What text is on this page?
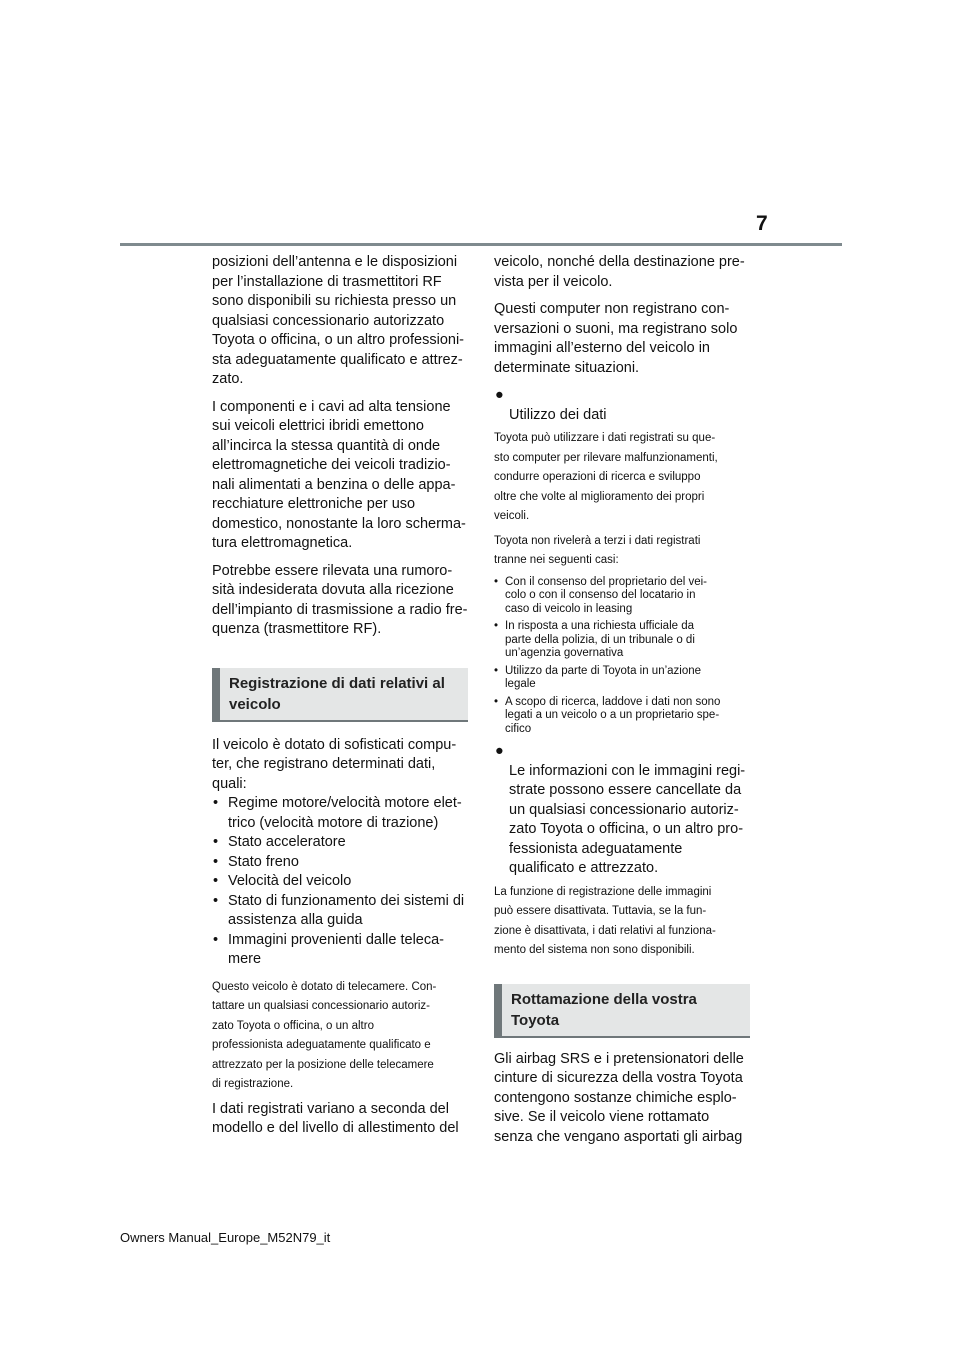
7

posizioni dell’antenna e le disposizioni
per l’installazione di trasmettitori RF
sono disponibili su richiesta presso un
qualsiasi concessionario autorizzato
Toyota o officina, o un altro professioni-
sta adeguatamente qualificato e attrez-
zato.

I componenti e i cavi ad alta tensione
sui veicoli elettrici ibridi emettono
all’incirca la stessa quantità di onde
elettromagnetiche dei veicoli tradizio-
nali alimentati a benzina o delle appa-
recchiature elettroniche per uso
domestico, nonostante la loro scherma-
tura elettromagnetica.

Potrebbe essere rilevata una rumoro-
sità indesiderata dovuta alla ricezione
dell’impianto di trasmissione a radio fre-
quenza (trasmettitore RF).

Registrazione di dati relativi al
veicolo

Il veicolo è dotato di sofisticati compu-
ter, che registrano determinati dati,
quali:

• Regime motore/velocità motore elet-
trico (velocità motore di trazione)
• Stato acceleratore
• Stato freno
• Velocità del veicolo
• Stato di funzionamento dei sistemi di
assistenza alla guida
• Immagini provenienti dalle teleca-
mere

Questo veicolo è dotato di telecamere. Con-
tattare un qualsiasi concessionario autoriz-
zato Toyota o officina, o un altro
professionista adeguatamente qualificato e
attrezzato per la posizione delle telecamere
di registrazione.

I dati registrati variano a seconda del
modello e del livello di allestimento del

veicolo, nonché della destinazione pre-
vista per il veicolo.

Questi computer non registrano con-
versazioni o suoni, ma registrano solo
immagini all’esterno del veicolo in
determinate situazioni.

●
Utilizzo dei dati

Toyota può utilizzare i dati registrati su que-
sto computer per rilevare malfunzionamenti,
condurre operazioni di ricerca e sviluppo
oltre che volte al miglioramento dei propri
veicoli.

Toyota non rivelerà a terzi i dati registrati
tranne nei seguenti casi:

• Con il consenso del proprietario del vei-
colo o con il consenso del locatario in
caso di veicolo in leasing
• In risposta a una richiesta ufficiale da
parte della polizia, di un tribunale o di
un’agenzia governativa
• Utilizzo da parte di Toyota in un’azione
legale
• A scopo di ricerca, laddove i dati non sono
legati a un veicolo o a un proprietario spe-
cifico

●
Le informazioni con le immagini regi-
strate possono essere cancellate da
un qualsiasi concessionario autoriz-
zato Toyota o officina, o un altro pro-
fessionista adeguatamente
qualificato e attrezzato.

La funzione di registrazione delle immagini
può essere disattivata. Tuttavia, se la fun-
zione è disattivata, i dati relativi al funziona-
mento del sistema non sono disponibili.

Rottamazione della vostra
Toyota

Gli airbag SRS e i pretensionatori delle
cinture di sicurezza della vostra Toyota
contengono sostanze chimiche esplo-
sive. Se il veicolo viene rottamato
senza che vengano asportati gli airbag

Owners Manual_Europe_M52N79_it
